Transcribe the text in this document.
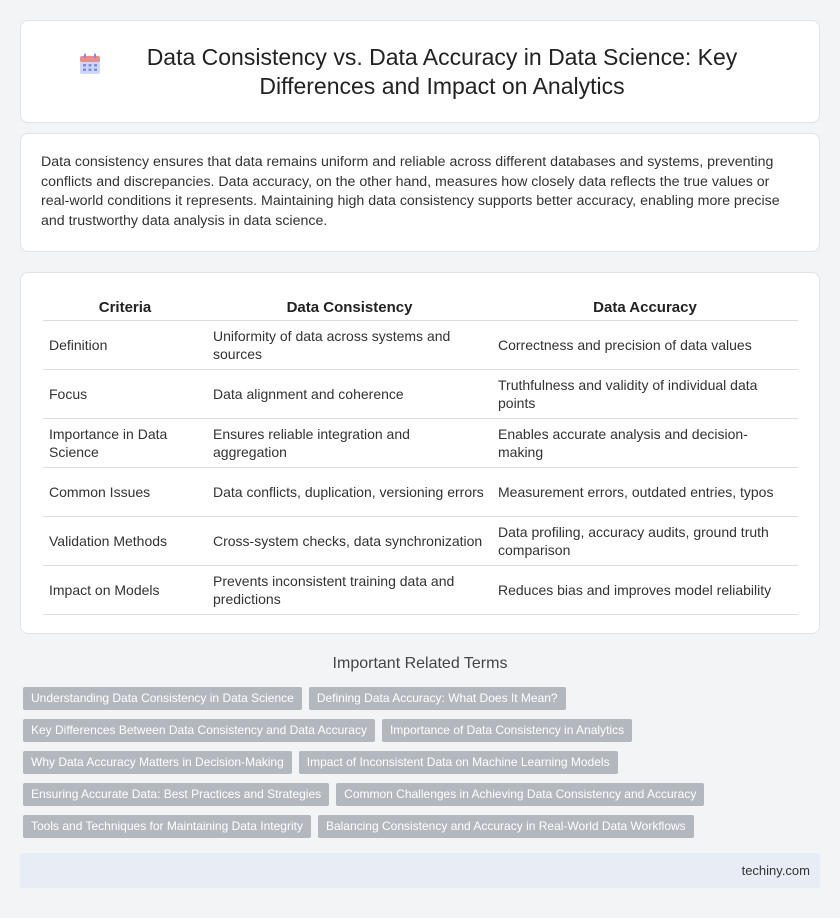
Data Consistency vs. Data Accuracy in Data Science: Key Differences and Impact on Analytics

Data consistency ensures that data remains uniform and reliable across different databases and systems, preventing conflicts and discrepancies. Data accuracy, on the other hand, measures how closely data reflects the true values or real-world conditions it represents. Maintaining high data consistency supports better accuracy, enabling more precise and trustworthy data analysis in data science.

Criteria	Data Consistency	Data Accuracy
Definition	Uniformity of data across systems and sources	Correctness and precision of data values
Focus	Data alignment and coherence	Truthfulness and validity of individual data points
Importance in Data Science	Ensures reliable integration and aggregation	Enables accurate analysis and decision-making
Common Issues	Data conflicts, duplication, versioning errors	Measurement errors, outdated entries, typos
Validation Methods	Cross-system checks, data synchronization	Data profiling, accuracy audits, ground truth comparison
Impact on Models	Prevents inconsistent training data and predictions	Reduces bias and improves model reliability
Important Related Terms
Understanding Data Consistency in Data Science	Defining Data Accuracy: What Does It Mean?
Key Differences Between Data Consistency and Data Accuracy	Importance of Data Consistency in Analytics
Why Data Accuracy Matters in Decision-Making	Impact of Inconsistent Data on Machine Learning Models
Ensuring Accurate Data: Best Practices and Strategies	Common Challenges in Achieving Data Consistency and Accuracy
Tools and Techniques for Maintaining Data Integrity	Balancing Consistency and Accuracy in Real-World Data Workflows
techiny.com
